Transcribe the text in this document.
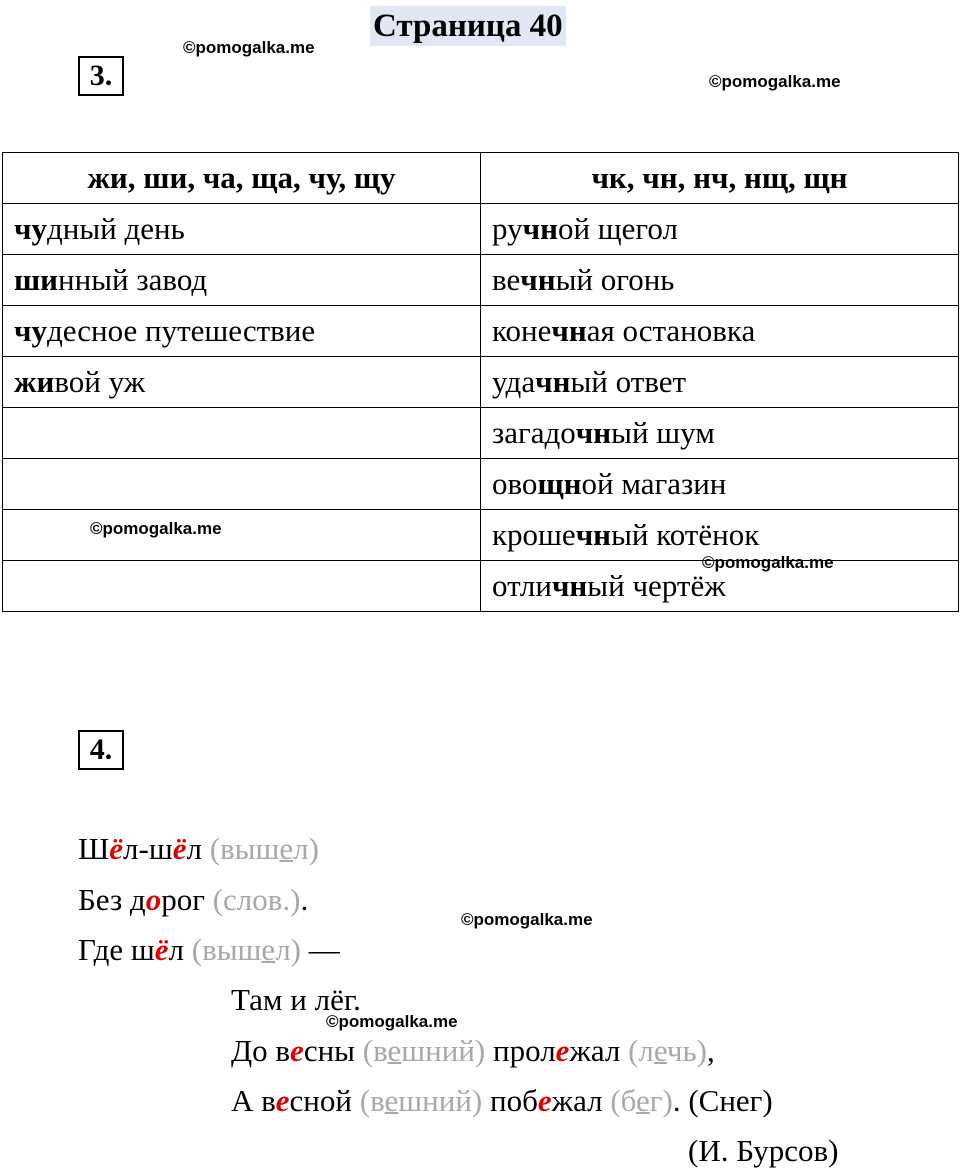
Страница 40
©pomogalka.me
©pomogalka.me
©pomogalka.me
©pomogalka.me
©pomogalka.me
©pomogalka.me
3.
жи, ши, ча, ща, чу, щу	чк, чн, нч, нщ, щн
чудный день	ручной щегол
шинный завод	вечный огонь
чудесное путешествие	конечная остановка
живой уж	удачный ответ
	загадочный шум
	овощной магазин
	крошечный котёнок
	отличный чертёж
4.
Шёл-шёл (вышел)
Без дорог (слов.).
Где шёл (вышел) —
Там и лёг.
До весны (вешний) пролежал (лечь),
А весной (вешний) побежал (бег). (Снег)
(И. Бурсов)
